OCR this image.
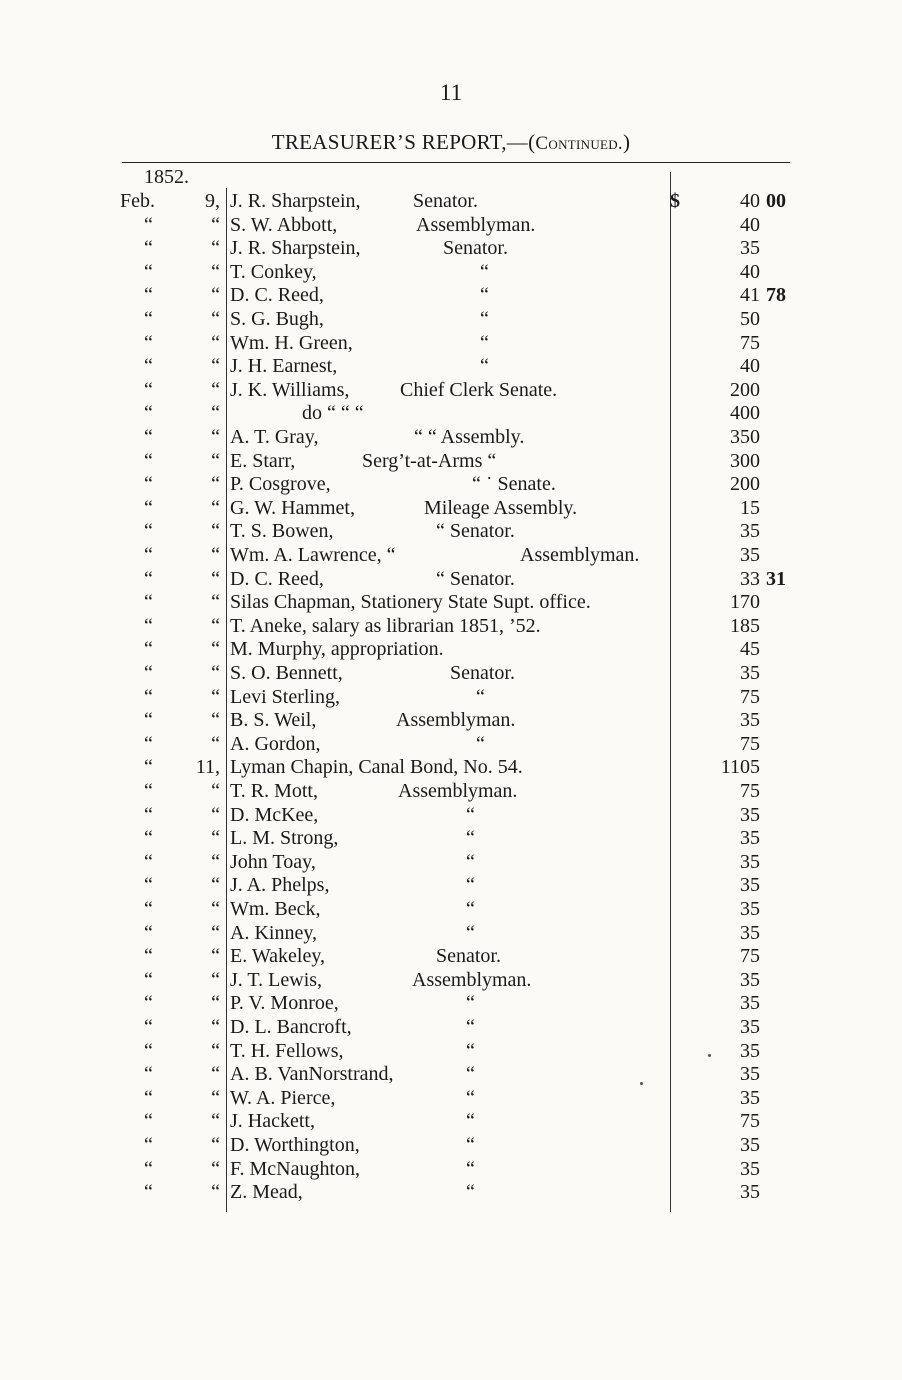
11
TREASURER’S REPORT,—(Continued.)
1852.
Feb.	9, J. R. Sharpstein,	Senator.	$	40 00
“	“ S. W. Abbott,	Assemblyman.	40
“	“ J. R. Sharpstein,	Senator.	35
“	“ T. Conkey,	“	40
“	“ D. C. Reed,	“	41 78
“	“ S. G. Bugh,	“	50
“	“ Wm. H. Green,	“	75
“	“ J. H. Earnest,	“	40
“	“ J. K. Williams,	Chief Clerk Senate.	200
“	“	do “ “ “	400
“	“ A. T. Gray,	“ “ Assembly.	350
“	“ E. Starr,	Serg’t-at-Arms “	300
“	“ P. Cosgrove,	“ ˙ Senate.	200
“	“ G. W. Hammet,	Mileage Assembly.	15
“	“ T. S. Bowen,	“ Senator.	35
“	“ Wm. A. Lawrence, “	Assemblyman.	35
“	“ D. C. Reed,	“ Senator.	33 31
“	“ Silas Chapman, Stationery State Supt. office.	170
“	“ T. Aneke, salary as librarian 1851, ’52.	185
“	“ M. Murphy, appropriation.	45
“	“ S. O. Bennett,	Senator.	35
“	“ Levi Sterling,	“	75
“	“ B. S. Weil,	Assemblyman.	35
“	“ A. Gordon,	“	75
“	11, Lyman Chapin, Canal Bond, No. 54.	1105
“	“ T. R. Mott,	Assemblyman.	75
“	“ D. McKee,	“	35
“	“ L. M. Strong,	“	35
“	“ John Toay,	“	35
“	“ J. A. Phelps,	“	35
“	“ Wm. Beck,	“	35
“	“ A. Kinney,	“	35
“	“ E. Wakeley,	Senator.	75
“	“ J. T. Lewis,	Assemblyman.	35
“	“ P. V. Monroe,	“	35
“	“ D. L. Bancroft,	“	35
“	“ T. H. Fellows,	“	35
“	“ A. B. VanNorstrand,	“	35
“	“ W. A. Pierce,	“	35
“	“ J. Hackett,	“	75
“	“ D. Worthington,	“	35
“	“ F. McNaughton,	“	35
“	“ Z. Mead,	“	35
